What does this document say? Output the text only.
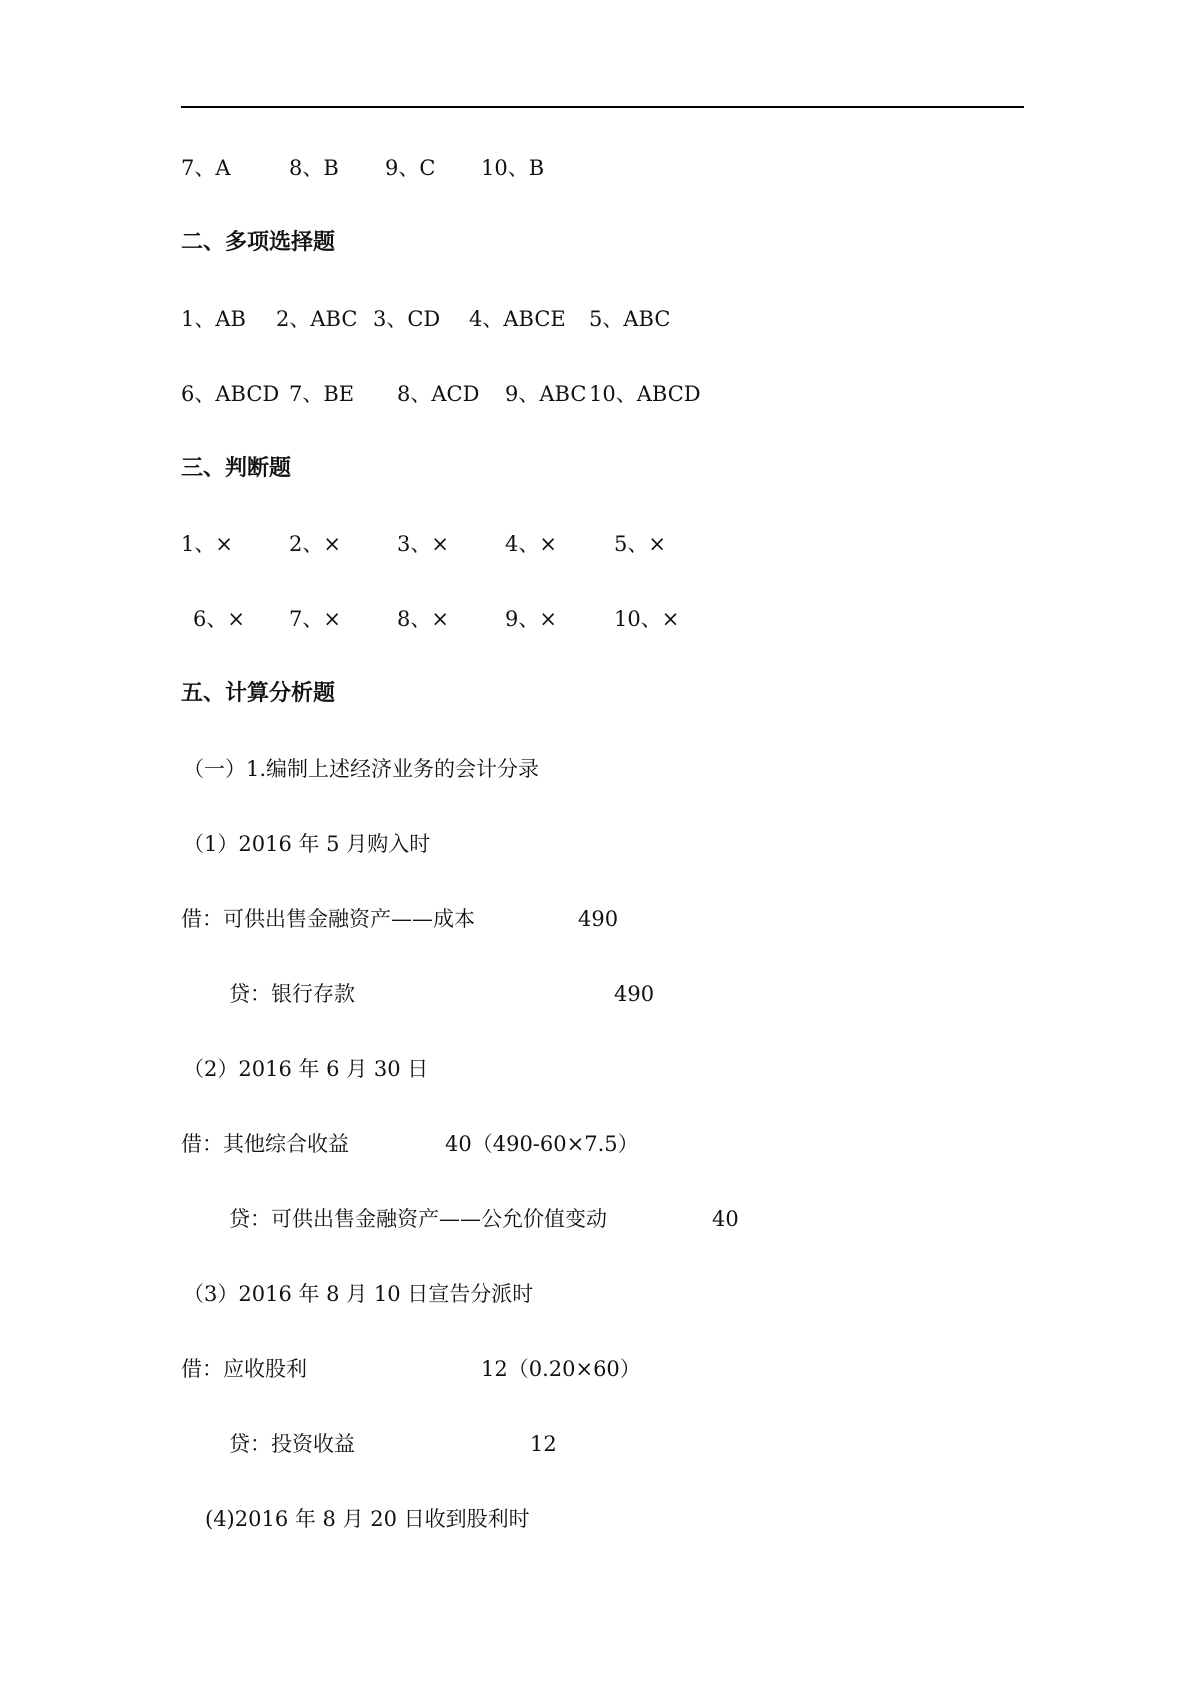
7、A	8、B 9、C 10、B
二、多项选择题
1、AB 2、ABC 3、CD 4、ABCE 5、ABC
6、ABCD 7、BE 8、ACD 9、ABC 10、ABCD
三、判断题
1、×	2、×	3、×	4、×	5、×
6、× 7、×	8、×	9、×	10、×
五、计算分析题
（一）1.编制上述经济业务的会计分录
（1）2016 年 5 月购入时
借：可供出售金融资产——成本	490
贷：银行存款	490
（2）2016 年 6 月 30 日
借：其他综合收益	40（490-60×7.5）
贷：可供出售金融资产——公允价值变动	40
（3）2016 年 8 月 10 日宣告分派时
借：应收股利	12（0.20×60）
贷：投资收益	12
(4)2016 年 8 月 20 日收到股利时
